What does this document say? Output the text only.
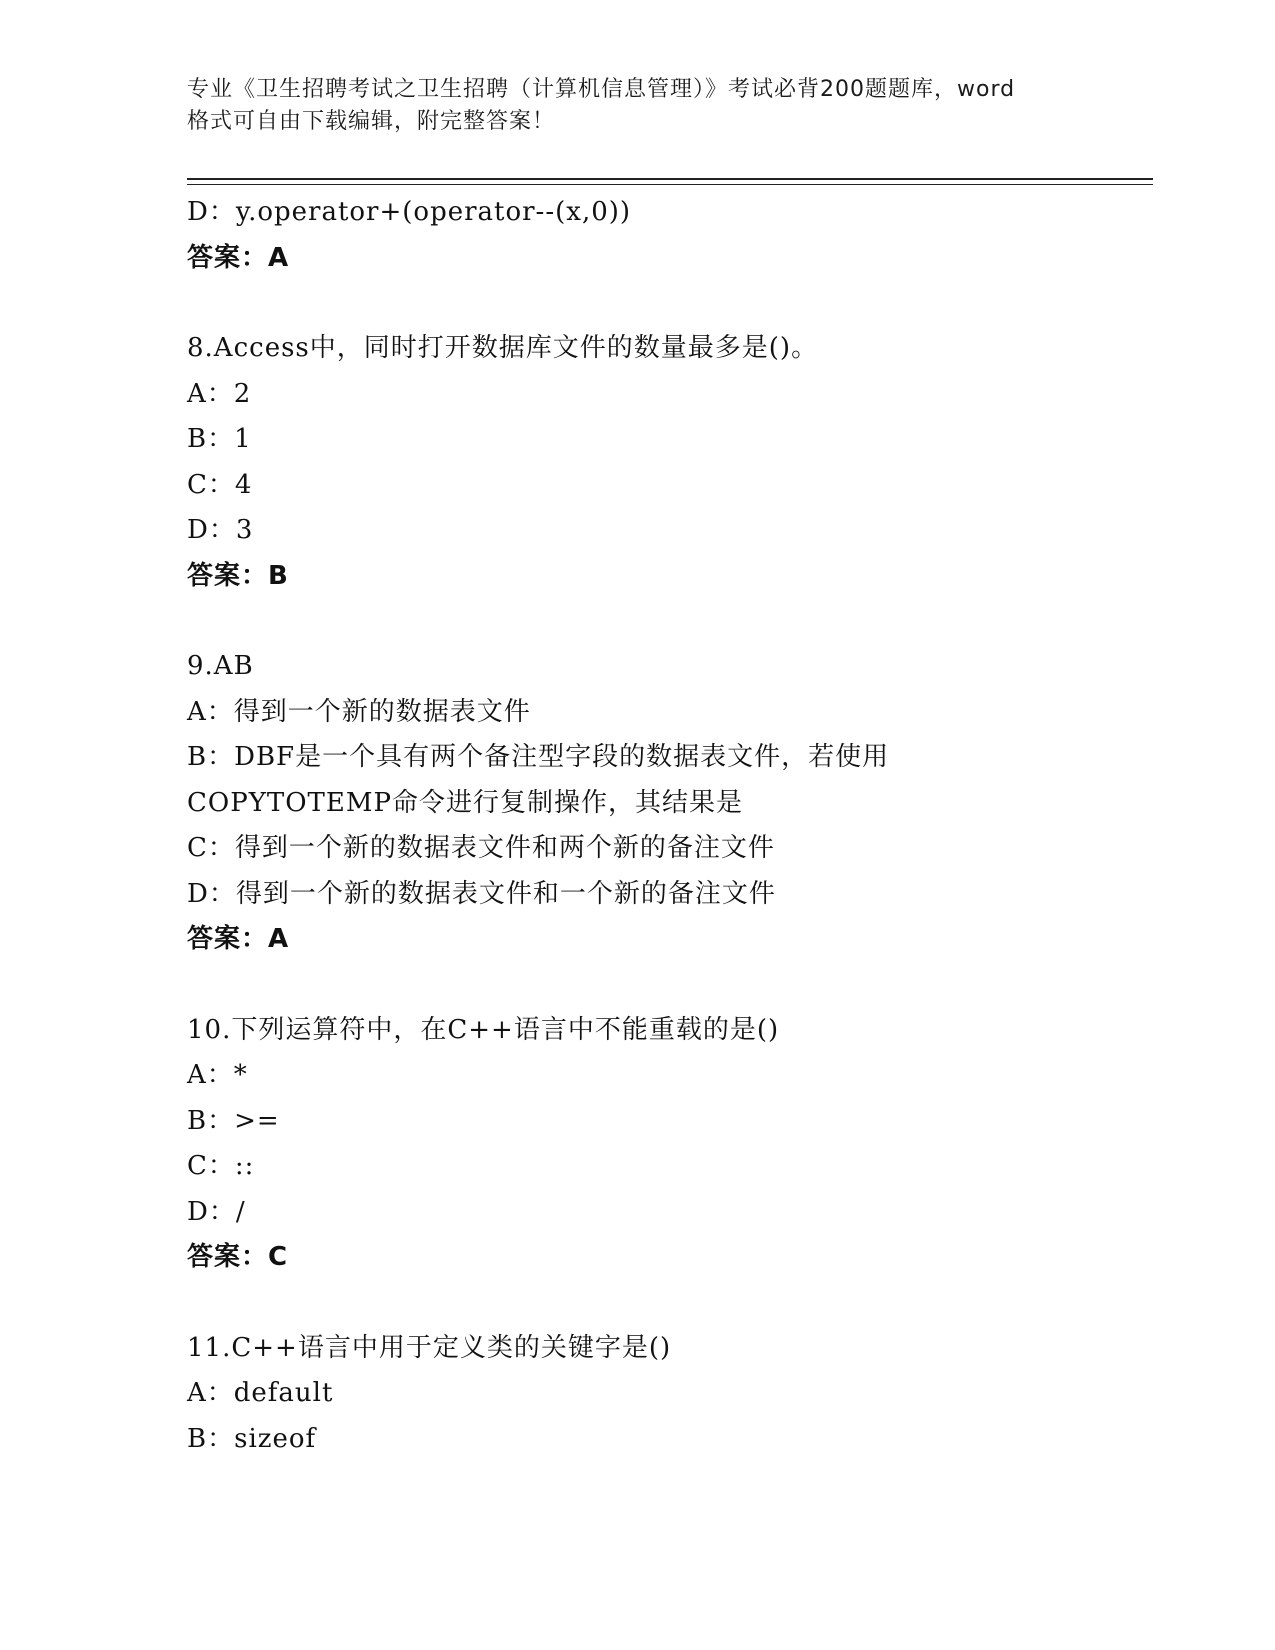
专业《卫生招聘考试之卫生招聘（计算机信息管理）》考试必背200题题库，word
格式可自由下载编辑，附完整答案！
D：y.operator+(operator--(x,0))
答案：A
8.Access中，同时打开数据库文件的数量最多是()。
A：2
B：1
C：4
D：3
答案：B
9.AB
A：得到一个新的数据表文件
B：DBF是一个具有两个备注型字段的数据表文件，若使用COPYTOTEMP命令进行复制操作，其结果是
C：得到一个新的数据表文件和两个新的备注文件
D：得到一个新的数据表文件和一个新的备注文件
答案：A
10.下列运算符中，在C++语言中不能重载的是()
A：*
B：>=
C：::
D：/
答案：C
11.C++语言中用于定义类的关键字是()
A：default
B：sizeof
